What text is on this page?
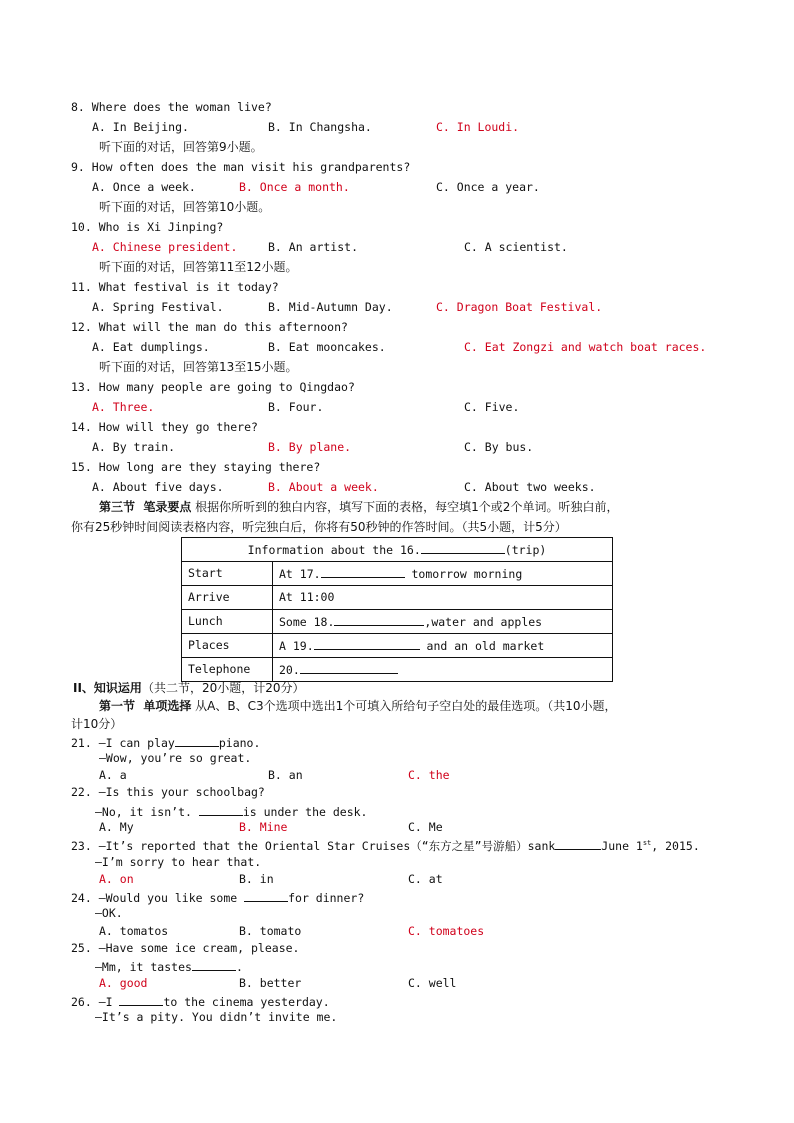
8. Where does the woman live?
A. In Beijing.	B. In Changsha.	C. In Loudi.
听下面的对话，回答第9小题。
9. How often does the man visit his grandparents?
A. Once a week.	B. Once a month.	C. Once a year.
听下面的对话，回答第10小题。
10. Who is Xi Jinping?
A. Chinese president.	B. An artist.	C. A scientist.
听下面的对话，回答第11至12小题。
11. What festival is it today?
A. Spring Festival.	B. Mid-Autumn Day.	C. Dragon Boat Festival.
12. What will the man do this afternoon?
A. Eat dumplings.	B. Eat mooncakes.	C. Eat Zongzi and watch boat races.
听下面的对话，回答第13至15小题。
13. How many people are going to Qingdao?
A. Three.	B. Four.	C. Five.
14. How will they go there?
A. By train.	B. By plane.	C. By bus.
15. How long are they staying there?
A. About five days.	B. About a week.	C. About two weeks.
第三节  笔录要点 根据你所听到的独白内容，填写下面的表格，每空填1个或2个单词。听独白前，
你有25秒钟时间阅读表格内容，听完独白后，你将有50秒钟的作答时间。（共5小题，计5分）
Information about the 16. (trip)	
Start	At 17. tomorrow morning
Arrive	At 11:00
Lunch	Some 18. ,water and apples
Places	A 19. and an old market
Telephone	20.
II、知识运用（共二节，20小题，计20分）
第一节  单项选择 从A、B、C3个选项中选出1个可填入所给句子空白处的最佳选项。（共10小题，
计10分）
21. —I can play	piano.
—Wow, you’re so great.
A. a	B. an	C. the
22. —Is this your schoolbag?
—No, it isn’t.	is under the desk.
A. My	B. Mine	C. Me
23. —It’s reported that the Oriental Star Cruises（“东方之星”号游船）sank	June 1st, 2015.
—I’m sorry to hear that.
A. on	B. in	C. at
24. —Would you like some	for dinner?
—OK.
A. tomatos	B. tomato	C. tomatoes
25. —Have some ice cream, please.
—Mm, it tastes	.
A. good	B. better	C. well
26. —I	to the cinema yesterday.
—It’s a pity. You didn’t invite me.
